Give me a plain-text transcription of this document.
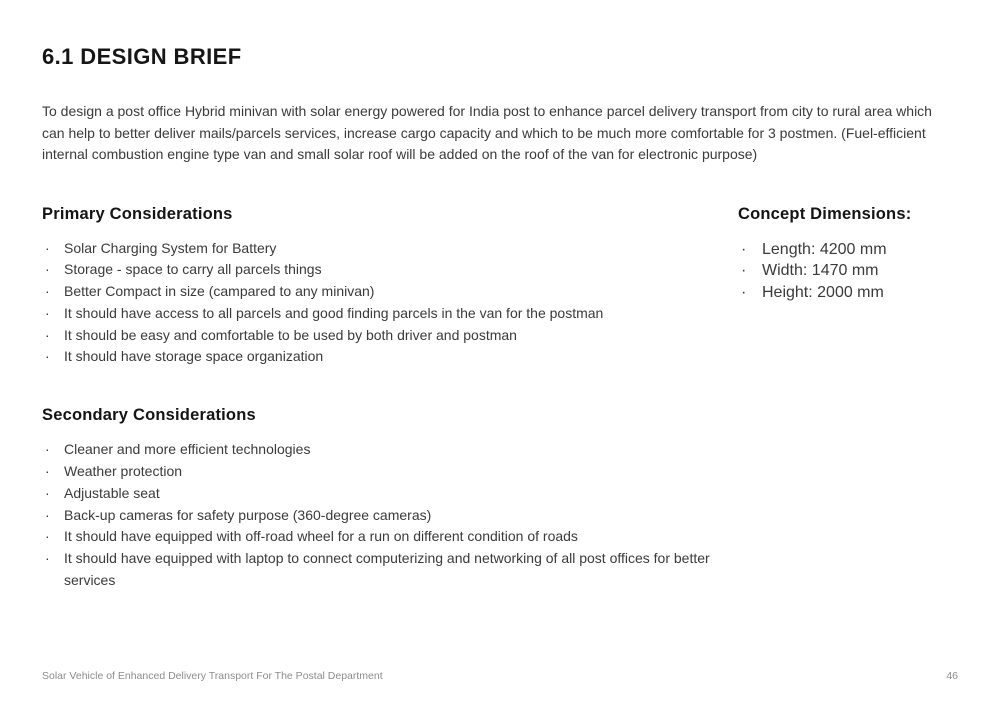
6.1 DESIGN BRIEF

To design a post office Hybrid minivan with solar energy powered for India post to enhance parcel delivery transport from city to rural area which can help to better deliver mails/parcels services, increase cargo capacity and which to be much more comfortable for 3 postmen. (Fuel-efficient internal combustion engine type van and small solar roof will be added on the roof of the van for electronic purpose)

Primary Considerations
·	Solar Charging System for Battery
·	Storage - space to carry all parcels things
·	Better Compact in size (campared to any minivan)
·	It should have access to all parcels and good finding parcels in the van for the postman
·	It should be easy and comfortable to be used by both driver and postman
·	It should have storage space organization
Secondary Considerations
·	Cleaner and more efficient technologies
·	Weather protection
·	Adjustable seat
·	Back-up cameras for safety purpose (360-degree cameras)
·	It should have equipped with off-road wheel for a run on different condition of roads
·	It should have equipped with laptop to connect computerizing and networking of all post offices for better services
Concept Dimensions:
· Length: 4200 mm
· Width: 1470 mm
· Height: 2000 mm
Solar Vehicle of Enhanced Delivery Transport For The Postal Department	46
